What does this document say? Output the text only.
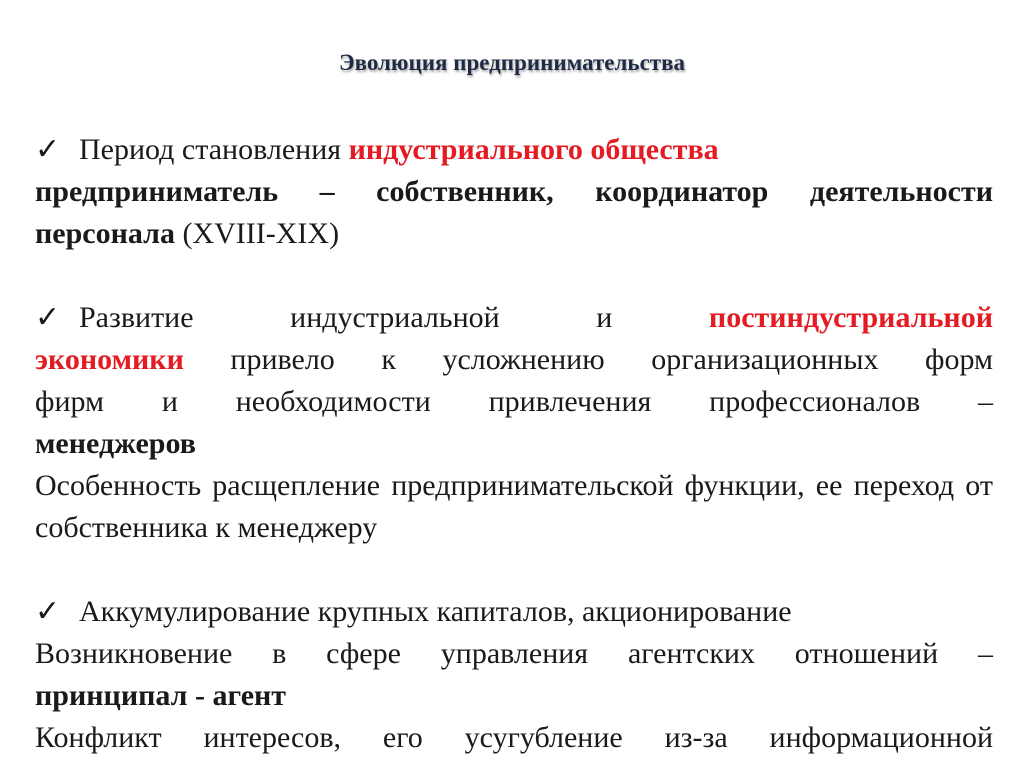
Эволюция предпринимательства

✓ Период становления индустриального общества

предприниматель – собственник, координатор деятельности

персонала (XVIII-XIX)

✓ Развитие индустриальной и постиндустриальной

экономики привело к усложнению организационных форм

фирм и необходимости привлечения профессионалов –

менеджеров

Особенность расщепление предпринимательской функции, ее переход от собственника к менеджеру

✓ Аккумулирование крупных капиталов, акционирование

Возникновение в сфере управления агентских отношений –

принципал - агент

Конфликт интересов, его усугубление из-за информационной
